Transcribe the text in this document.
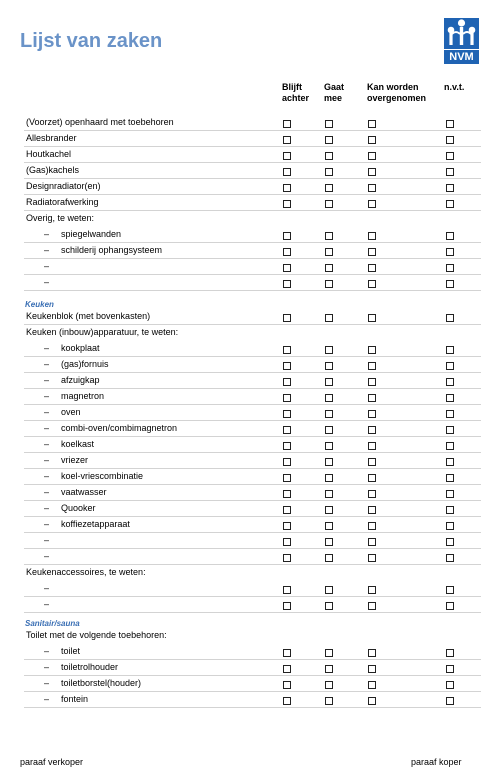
Lijst van zaken
NVM
Blijft
achter
Gaat
mee
Kan worden
overgenomen
n.v.t.
(Voorzet) openhaard met toebehoren
Allesbrander
Houtkachel
(Gas)kachels
Designradiator(en)
Radiatorafwerking
Overig, te weten:
– spiegelwanden
– schilderij ophangsysteem
–
–
Keuken
Keukenblok (met bovenkasten)
Keuken (inbouw)apparatuur, te weten:
– kookplaat
– (gas)fornuis
– afzuigkap
– magnetron
– oven
– combi-oven/combimagnetron
– koelkast
– vriezer
– koel-vriescombinatie
– vaatwasser
– Quooker
– koffiezetapparaat
–
–
Keukenaccessoires, te weten:
–
–
Sanitair/sauna
Toilet met de volgende toebehoren:
– toilet
– toiletrolhouder
– toiletborstel(houder)
– fontein
paraaf verkoper	paraaf koper
